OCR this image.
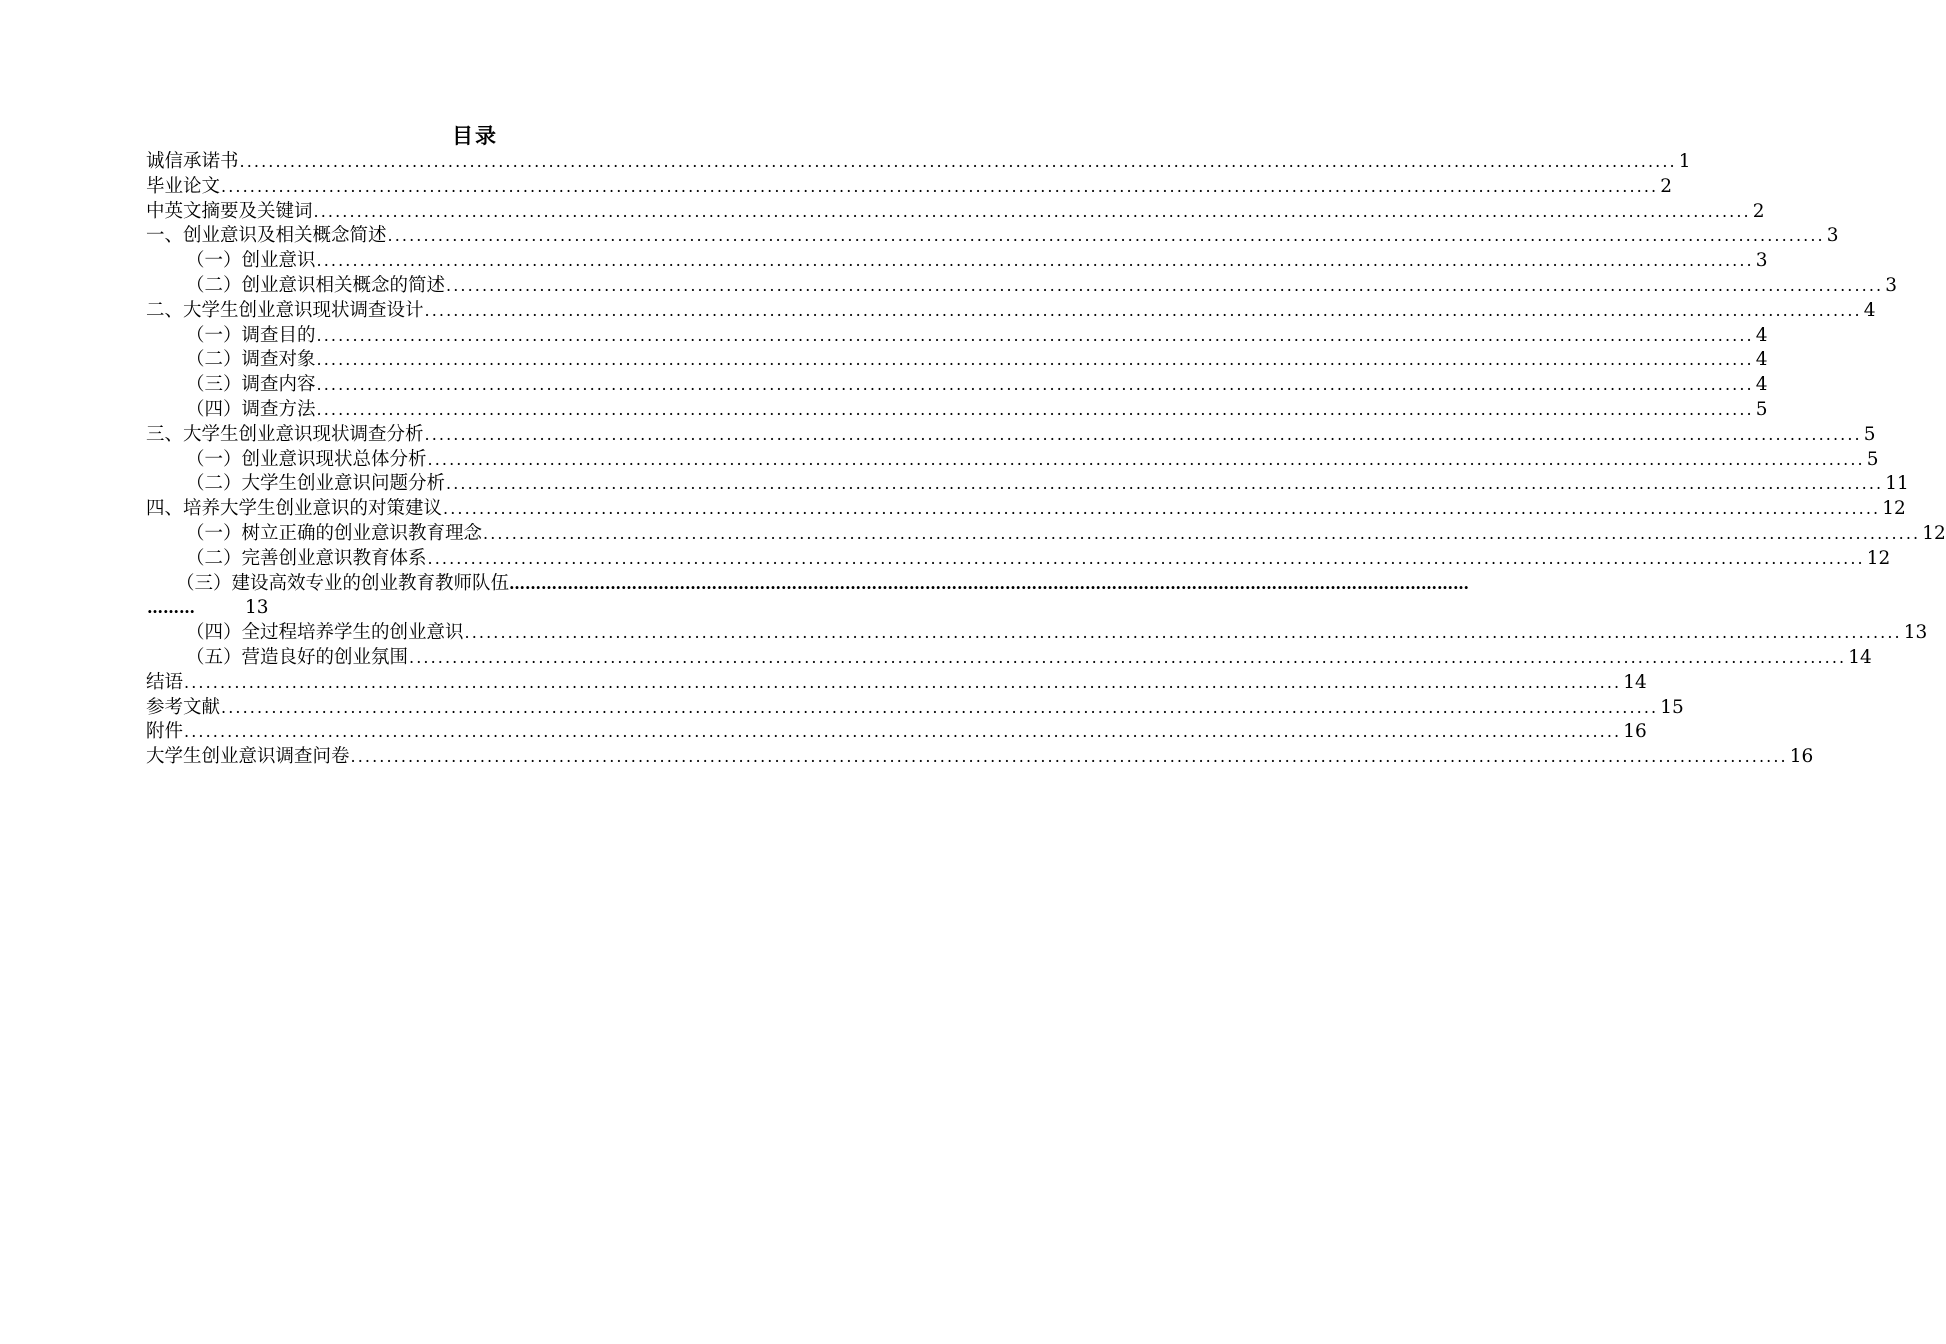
目录
诚信承诺书 ........................................................................................................................................................................................................ 1
毕业论文 ........................................................................................................................................................................................................ 2
中英文摘要及关键词 ........................................................................................................................................................................................................ 2
一、创业意识及相关概念简述 ........................................................................................................................................................................................................ 3
（一）创业意识 ........................................................................................................................................................................................................ 3
（二）创业意识相关概念的简述 ........................................................................................................................................................................................................ 3
二、大学生创业意识现状调查设计 ........................................................................................................................................................................................................ 4
（一）调查目的 ........................................................................................................................................................................................................ 4
（二）调查对象 ........................................................................................................................................................................................................ 4
（三）调查内容 ........................................................................................................................................................................................................ 4
（四）调查方法 ........................................................................................................................................................................................................ 5
三、大学生创业意识现状调查分析 ........................................................................................................................................................................................................ 5
（一）创业意识现状总体分析 ........................................................................................................................................................................................................ 5
（二）大学生创业意识问题分析 ........................................................................................................................................................................................................ 11
四、培养大学生创业意识的对策建议 ........................................................................................................................................................................................................ 12
（一）树立正确的创业意识教育理念 ........................................................................................................................................................................................................ 12
（二）完善创业意识教育体系 ........................................................................................................................................................................................................ 12
（三）建设高效专业的创业教育教师队伍 ………………………………………………………………………………………………………………………………………………………………
………	13
（四）全过程培养学生的创业意识 ........................................................................................................................................................................................................ 13
（五）营造良好的创业氛围 ........................................................................................................................................................................................................ 14
结语 ........................................................................................................................................................................................................ 14
参考文献 ........................................................................................................................................................................................................ 15
附件 ........................................................................................................................................................................................................ 16
大学生创业意识调查问卷 ........................................................................................................................................................................................................ 16
